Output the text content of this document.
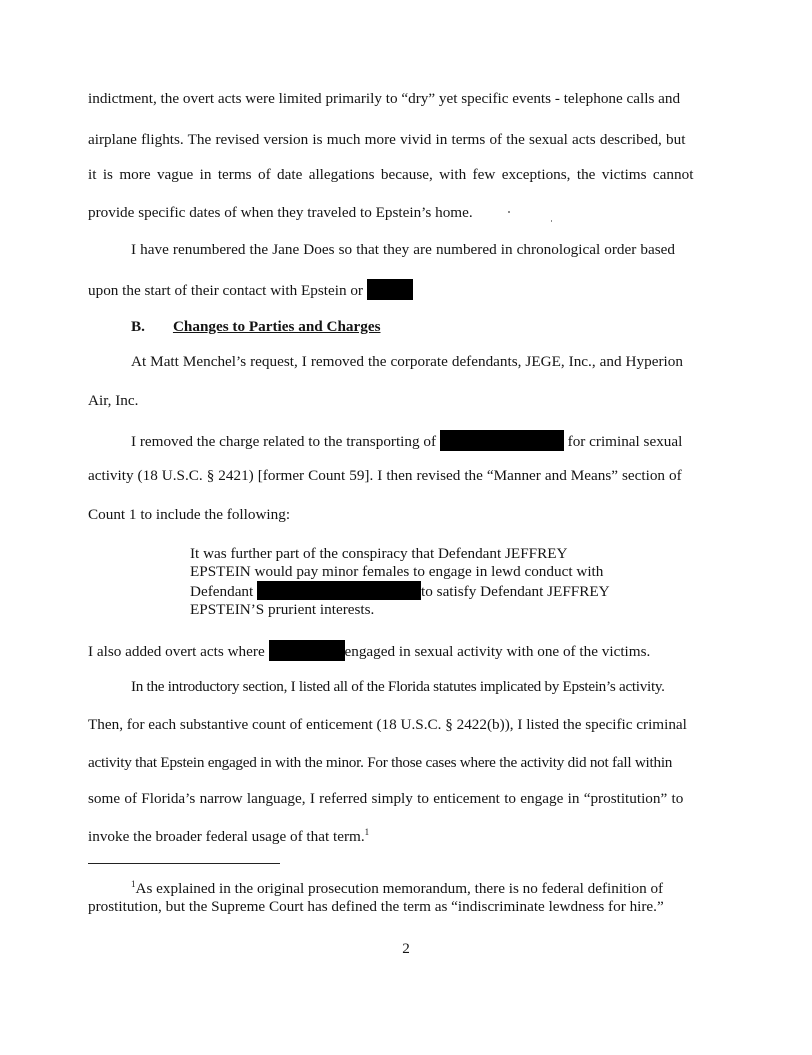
indictment, the overt acts were limited primarily to “dry” yet specific events - telephone calls and
airplane flights. The revised version is much more vivid in terms of the sexual acts described, but
it is more vague in terms of date allegations because, with few exceptions, the victims cannot
provide specific dates of when they traveled to Epstein’s home.
I have renumbered the Jane Does so that they are numbered in chronological order based
upon the start of their contact with Epstein or
B. Changes to Parties and Charges
At Matt Menchel’s request, I removed the corporate defendants, JEGE, Inc., and Hyperion
Air, Inc.
I removed the charge related to the transporting of	for criminal sexual
activity (18 U.S.C. § 2421) [former Count 59]. I then revised the “Manner and Means” section of
Count 1 to include the following:
It was further part of the conspiracy that Defendant JEFFREY
EPSTEIN would pay minor females to engage in lewd conduct with
Defendant	to satisfy Defendant JEFFREY
EPSTEIN’S prurient interests.
I also added overt acts where	engaged in sexual activity with one of the victims.
In the introductory section, I listed all of the Florida statutes implicated by Epstein’s activity.
Then, for each substantive count of enticement (18 U.S.C. § 2422(b)), I listed the specific criminal
activity that Epstein engaged in with the minor. For those cases where the activity did not fall within
some of Florida’s narrow language, I referred simply to enticement to engage in “prostitution” to
invoke the broader federal usage of that term.$^1$
$^1$As explained in the original prosecution memorandum, there is no federal definition of
prostitution, but the Supreme Court has defined the term as “indiscriminate lewdness for hire.”
2
